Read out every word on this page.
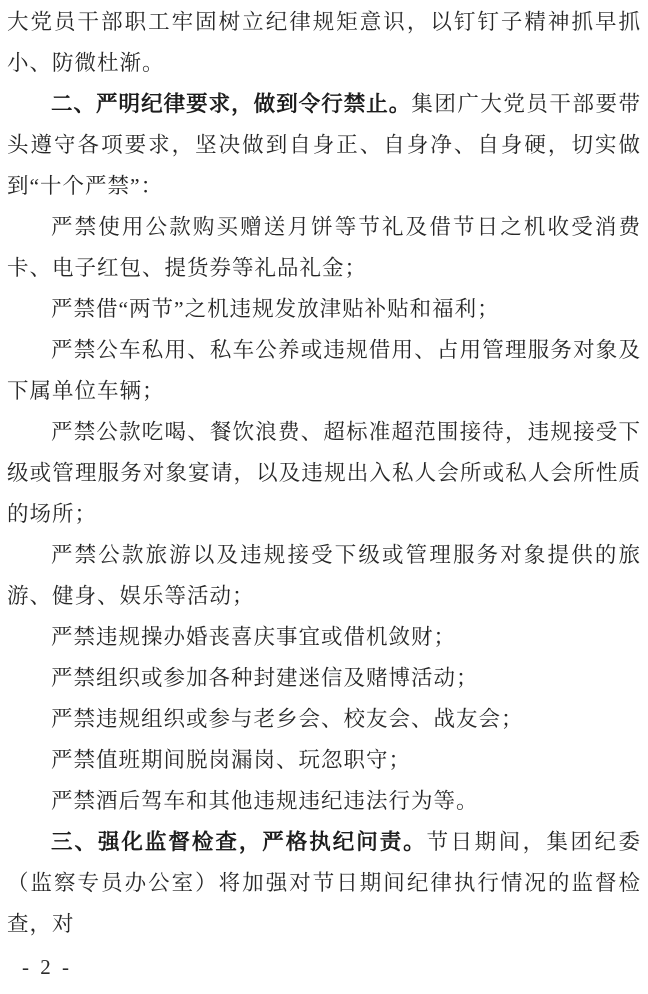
大党员干部职工牢固树立纪律规矩意识，以钉钉子精神抓早抓小、防微杜渐。

二、严明纪律要求，做到令行禁止。集团广大党员干部要带头遵守各项要求，坚决做到自身正、自身净、自身硬，切实做到“十个严禁”：

严禁使用公款购买赠送月饼等节礼及借节日之机收受消费卡、电子红包、提货券等礼品礼金；

严禁借“两节”之机违规发放津贴补贴和福利；

严禁公车私用、私车公养或违规借用、占用管理服务对象及下属单位车辆；

严禁公款吃喝、餐饮浪费、超标准超范围接待，违规接受下级或管理服务对象宴请，以及违规出入私人会所或私人会所性质的场所；

严禁公款旅游以及违规接受下级或管理服务对象提供的旅游、健身、娱乐等活动；

严禁违规操办婚丧喜庆事宜或借机敛财；

严禁组织或参加各种封建迷信及赌博活动；

严禁违规组织或参与老乡会、校友会、战友会；

严禁值班期间脱岗漏岗、玩忽职守；

严禁酒后驾车和其他违规违纪违法行为等。

三、强化监督检查，严格执纪问责。节日期间，集团纪委（监察专员办公室）将加强对节日期间纪律执行情况的监督检查，对

- 2 -
